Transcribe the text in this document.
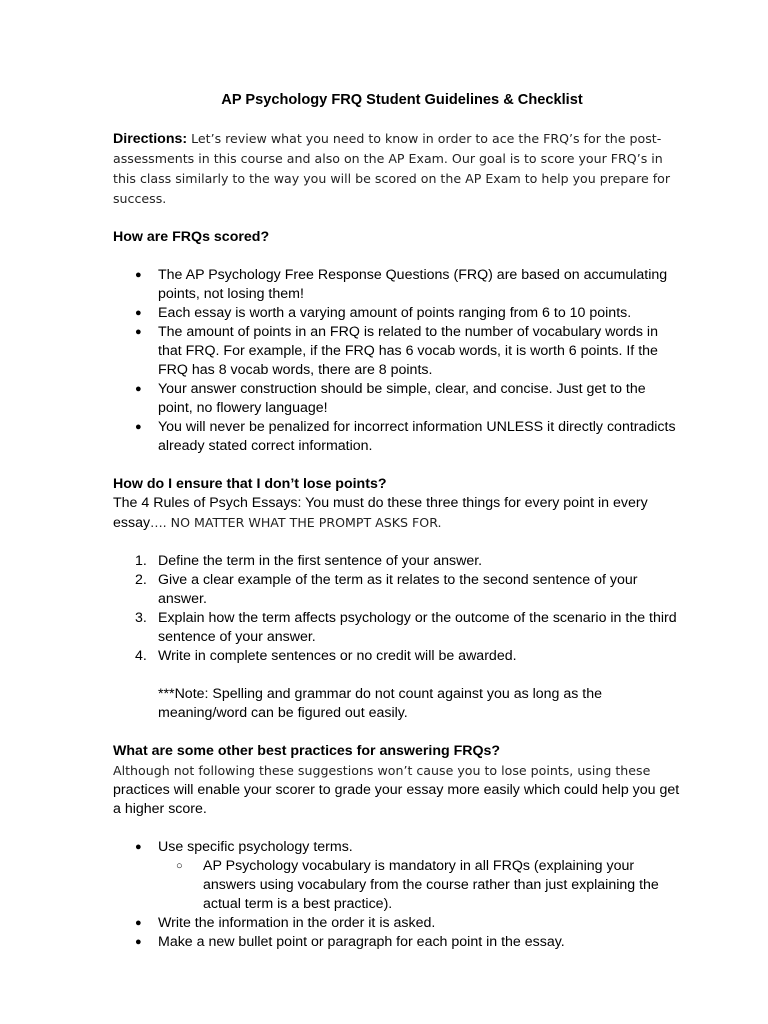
AP Psychology FRQ Student Guidelines & Checklist

Directions: Let’s review what you need to know in order to ace the FRQ’s for the post-assessments in this course and also on the AP Exam. Our goal is to score your FRQ’s in this class similarly to the way you will be scored on the AP Exam to help you prepare for success.

How are FRQs scored?

● The AP Psychology Free Response Questions (FRQ) are based on accumulating points, not losing them!
● Each essay is worth a varying amount of points ranging from 6 to 10 points.
● The amount of points in an FRQ is related to the number of vocabulary words in that FRQ. For example, if the FRQ has 6 vocab words, it is worth 6 points. If the FRQ has 8 vocab words, there are 8 points.
● Your answer construction should be simple, clear, and concise. Just get to the point, no flowery language!
● You will never be penalized for incorrect information UNLESS it directly contradicts already stated correct information.

How do I ensure that I don’t lose points?

The 4 Rules of Psych Essays: You must do these three things for every point in every essay…. NO MATTER WHAT THE PROMPT ASKS FOR.

1. Define the term in the first sentence of your answer.
2. Give a clear example of the term as it relates to the second sentence of your answer.
3. Explain how the term affects psychology or the outcome of the scenario in the third sentence of your answer.
4. Write in complete sentences or no credit will be awarded.

***Note: Spelling and grammar do not count against you as long as the meaning/word can be figured out easily.

What are some other best practices for answering FRQs?

Although not following these suggestions won’t cause you to lose points, using these practices will enable your scorer to grade your essay more easily which could help you get a higher score.

● Use specific psychology terms.
○ AP Psychology vocabulary is mandatory in all FRQs (explaining your answers using vocabulary from the course rather than just explaining the actual term is a best practice).
● Write the information in the order it is asked.
● Make a new bullet point or paragraph for each point in the essay.
